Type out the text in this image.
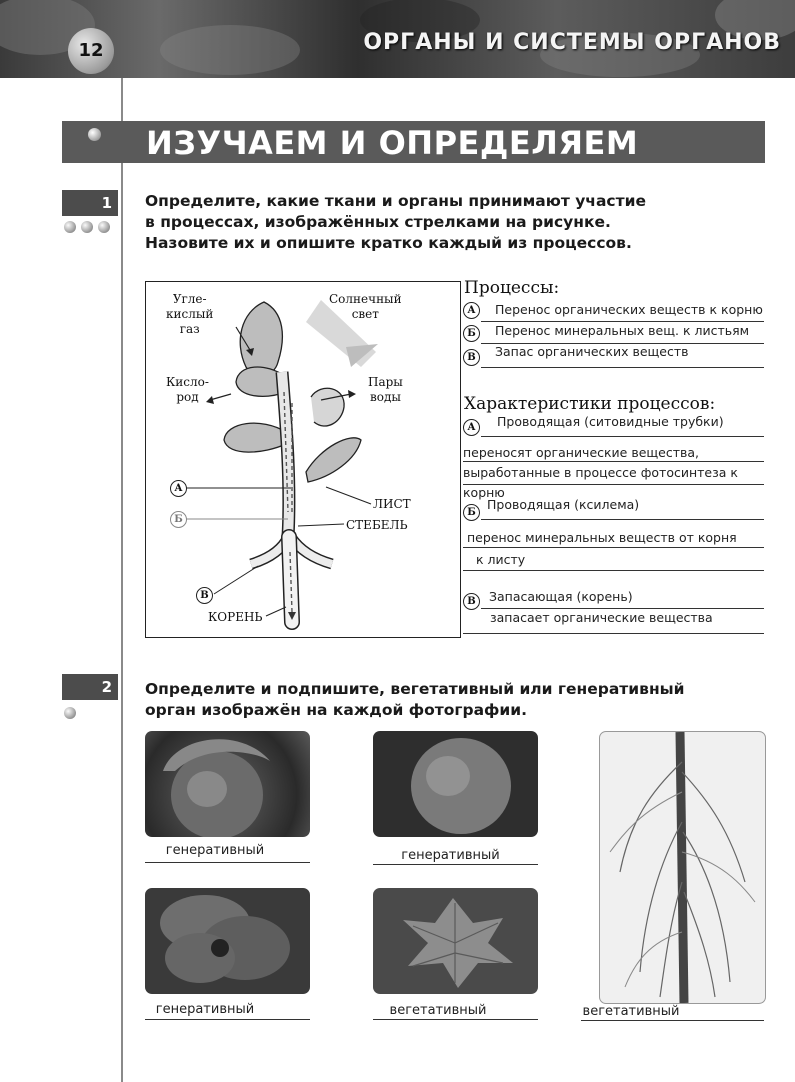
12	ОРГАНЫ И СИСТЕМЫ ОРГАНОВ
ИЗУЧАЕМ И ОПРЕДЕЛЯЕМ
1	Определите, какие ткани и органы принимают участие
в процессах, изображённых стрелками на рисунке.
Назовите их и опишите кратко каждый из процессов.
Угле-
кислый
газ
Солнечный
свет
Кисло-
род
Пары
воды
ЛИСТ
СТЕБЕЛЬ
КОРЕНЬ
А
Б
В
Процессы:
А	Перенос органических веществ к корню
Б	Перенос минеральных вещ. к листьям
В	Запас органических веществ
Характеристики процессов:
А	Проводящая (ситовидные трубки)
переносят органические вещества, выработанные в процессе фотосинтеза к корню
Б
Проводящая (ксилема)
перенос минеральных веществ от корня
к листу
В	Запасающая (корень)
запасает органические вещества
2	Определите и подпишите, вегетативный или генеративный
орган изображён на каждой фотографии.
генеративный	генеративный
вегетативный
генеративный	вегетативный
